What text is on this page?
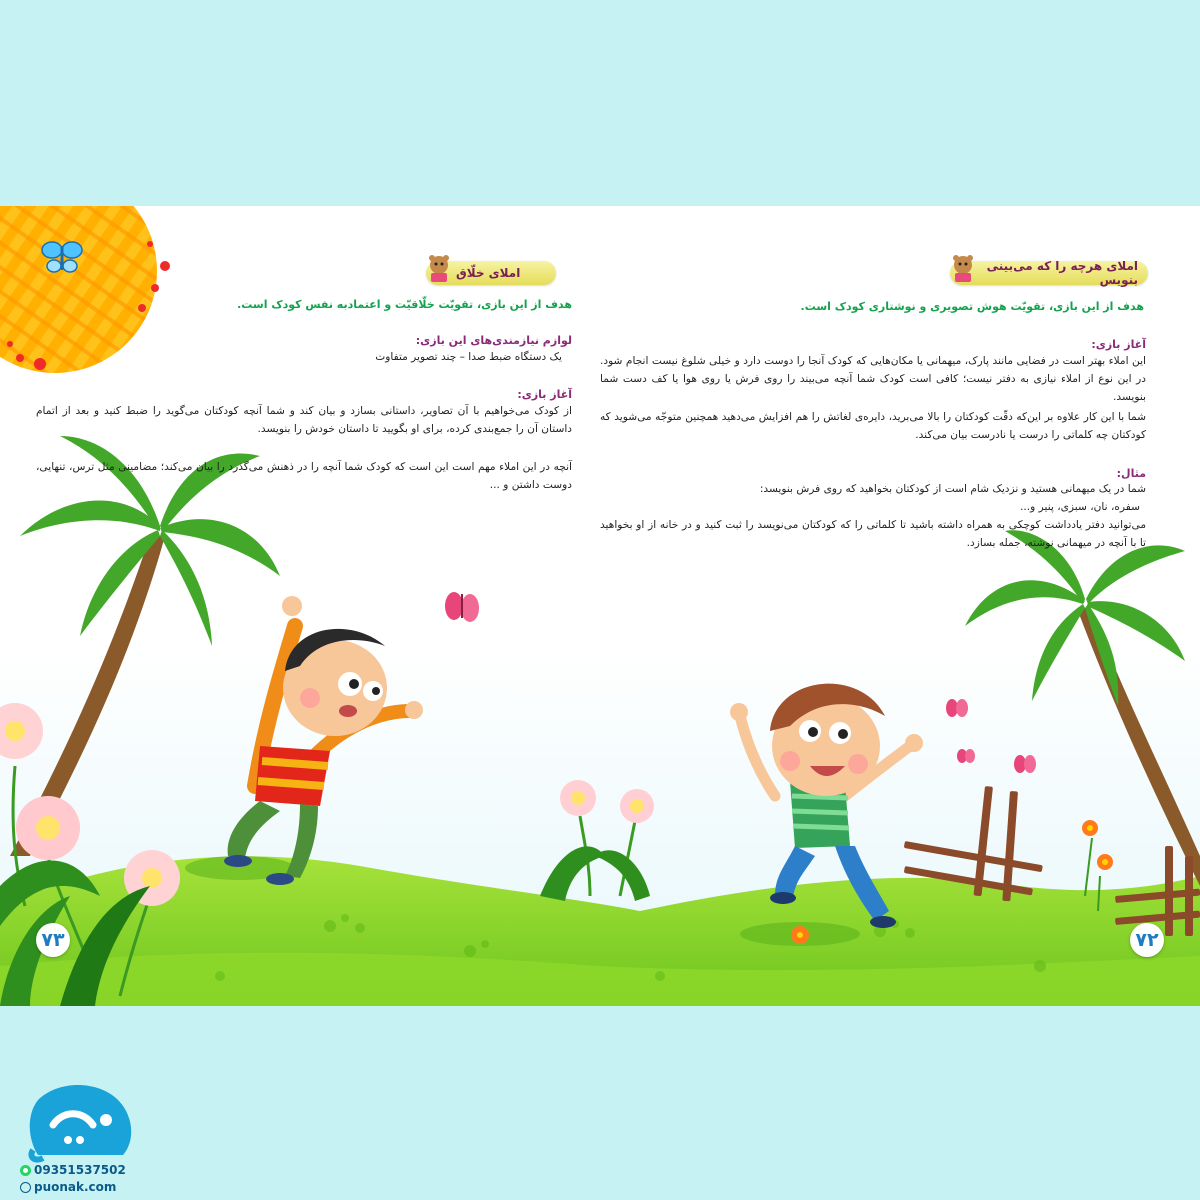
املای خلّاق
هدف از این بازی، تقویّت خلّاقیّت و اعتمادبه نفس کودک است.
لوازم نیازمندی‌های این بازی:
یک دستگاه ضبط صدا – چند تصویر متفاوت
آغاز بازی:
از کودک می‌خواهیم با آن تصاویر، داستانی بسازد و بیان کند و شما آنچه کودکتان می‌گوید را ضبط کنید و بعد از اتمام داستان آن را جمع‌بندی کرده، برای او بگویید تا داستان خودش را بنویسد.
آنچه در این املاء مهم است این است که کودک شما آنچه را در ذهنش می‌گذرد را بیان می‌کند؛ مضامینی مثل ترس، تنهایی، دوست داشتن و ...
۷۳
املای هرچه را که می‌بینی بنویس
هدف از این بازی، تقویّت هوش تصویری و نوشتاری کودک است.
آغاز بازی:
این املاء بهتر است در فضایی مانند پارک، میهمانی یا مکان‌هایی که کودک آنجا را دوست دارد و خیلی شلوغ نیست انجام شود. در این نوع از املاء نیازی به دفتر نیست؛ کافی است کودک شما آنچه می‌بیند را روی فرش یا روی هوا یا کف دست شما بنویسد.
شما با این کار علاوه بر این‌که دقّت کودکتان را بالا می‌برید، دایره‌ی لغاتش را هم افزایش می‌دهید همچنین متوجّه می‌شوید که کودکتان چه کلماتی را درست یا نادرست بیان می‌کند.
مثال:
شما در یک میهمانی هستید و نزدیک شام است از کودکتان بخواهید که روی فرش بنویسد:
سفره، نان، سبزی، پنیر و...
می‌توانید دفتر یادداشت کوچکی به همراه داشته باشید تا کلماتی را که کودکتان می‌نویسد را ثبت کنید و در خانه از او بخواهید تا با آنچه در میهمانی نوشته، جمله بسازد.
۷۲
09351537502
puonak.com
